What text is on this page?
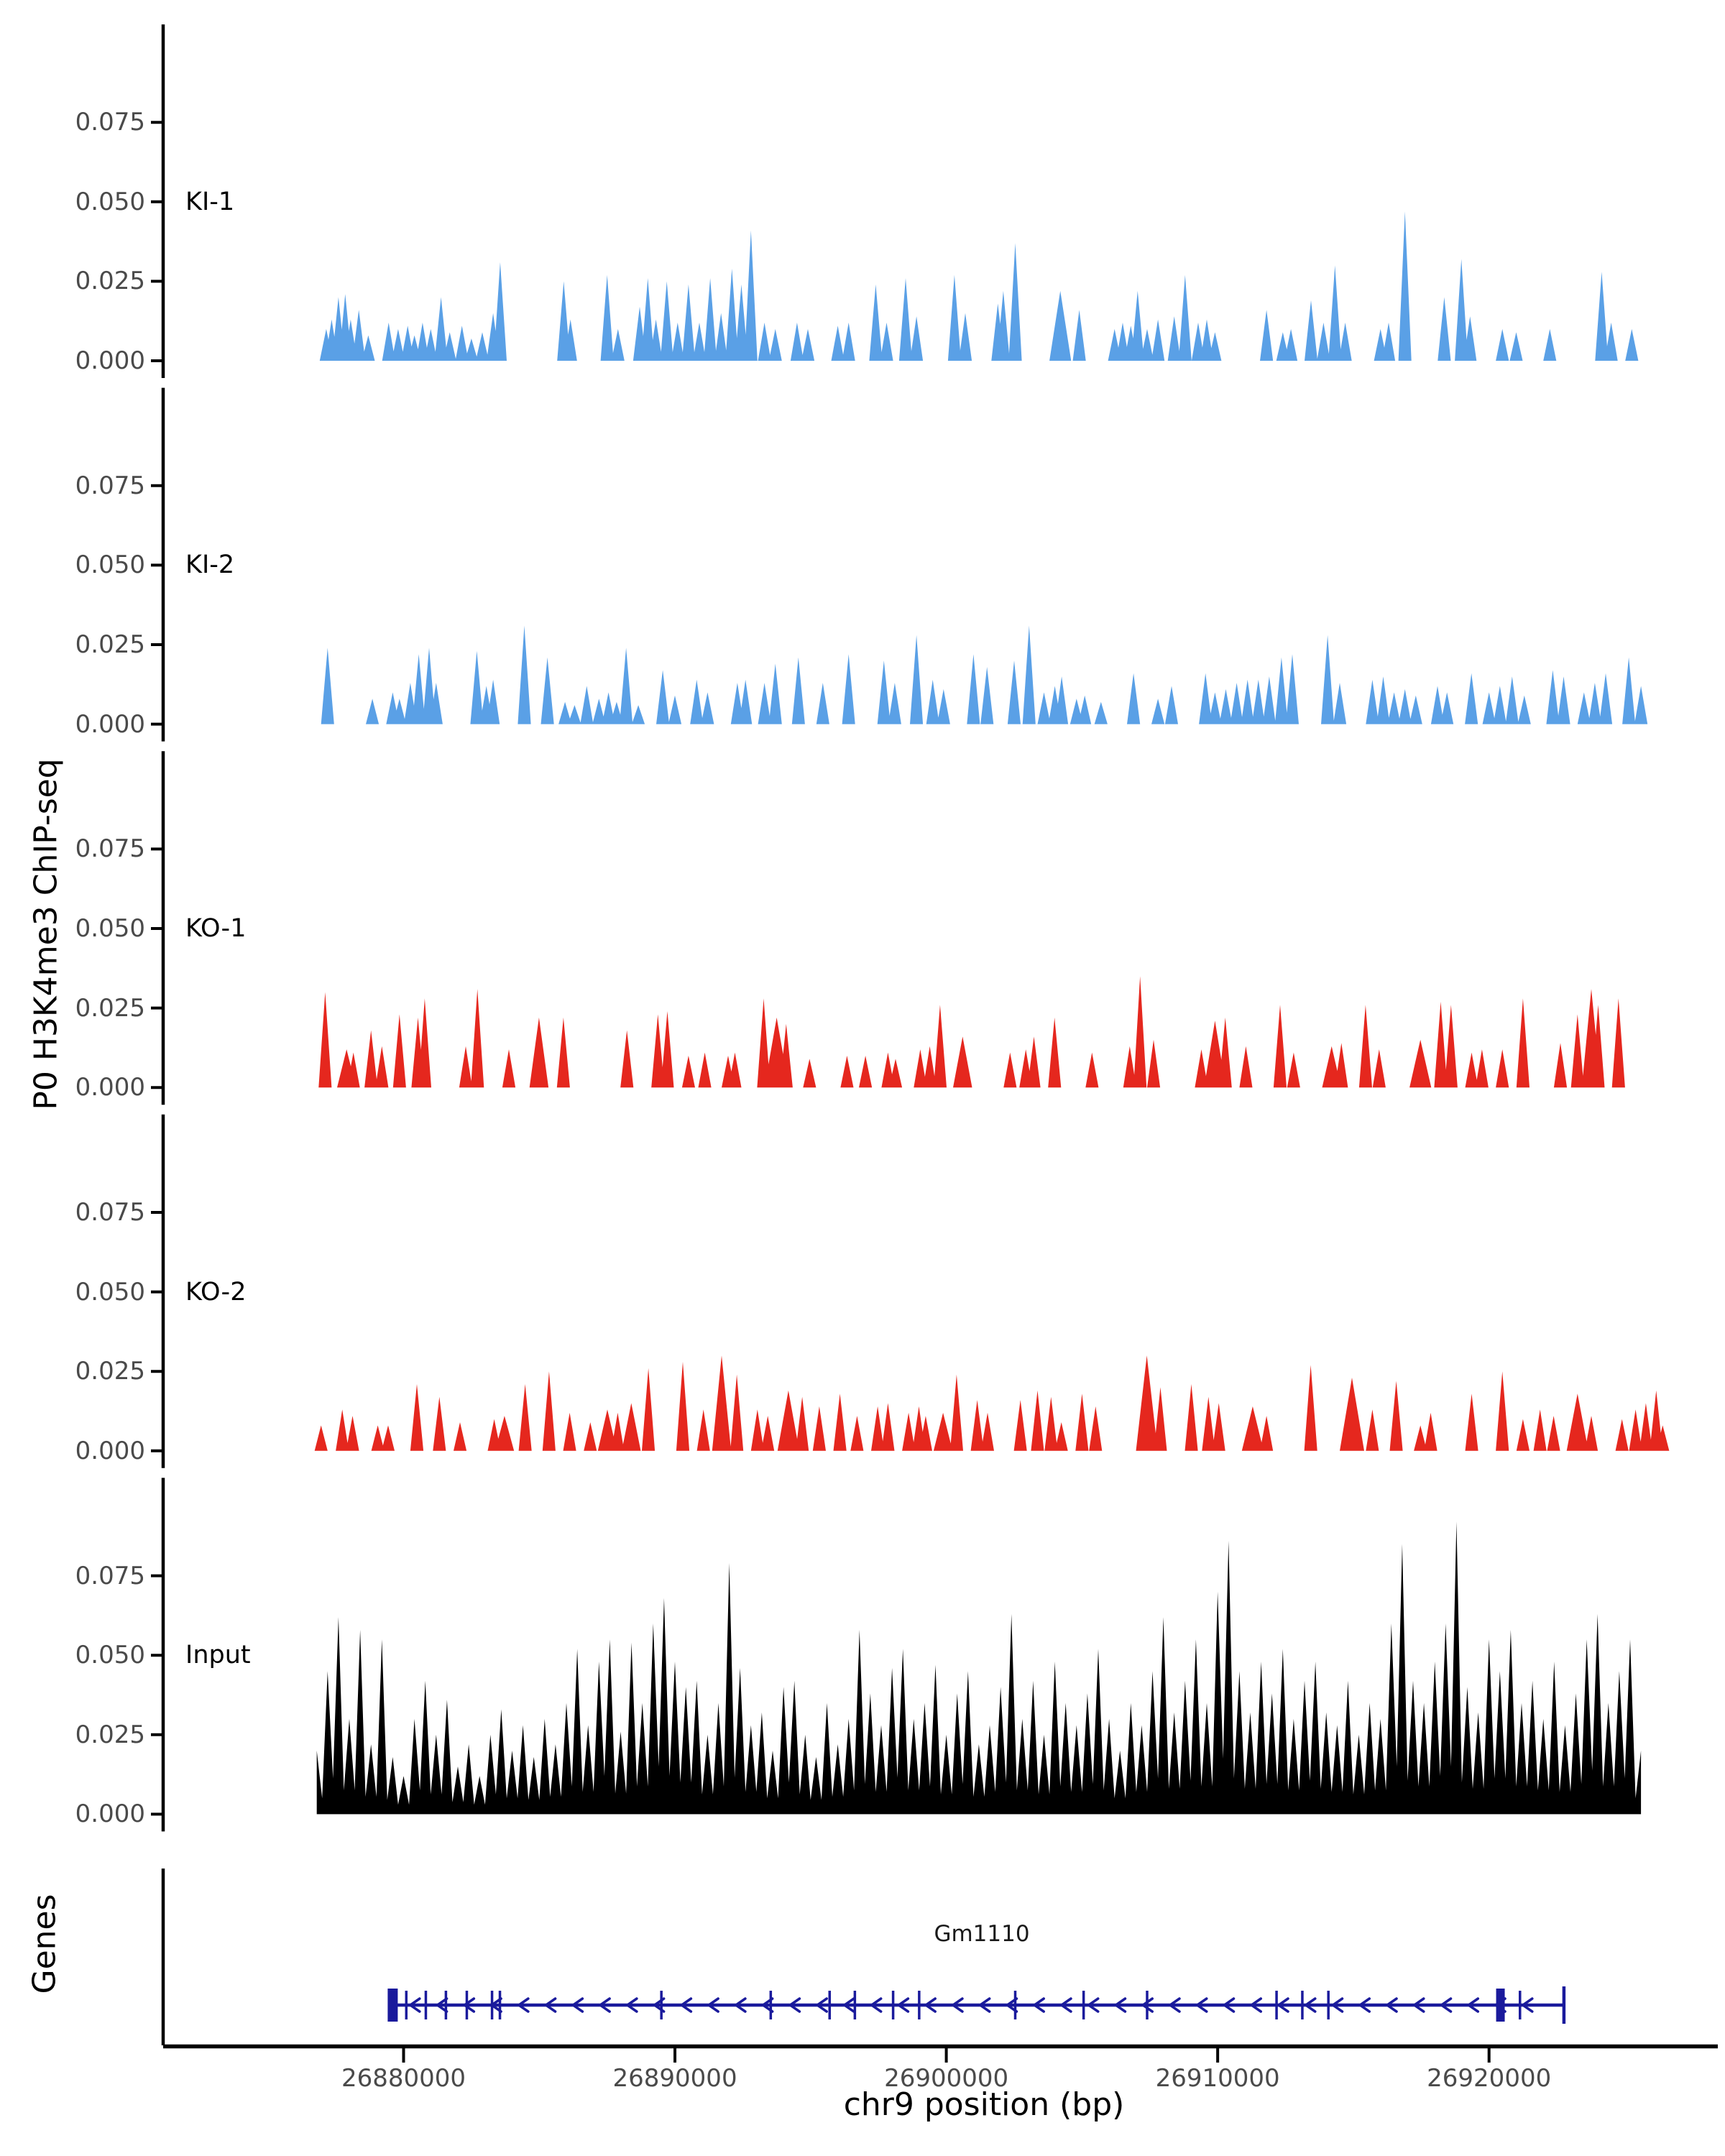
P0 H3K4me3 ChIP-seq
Genes
chr9 position (bp)
Gm1110
0.000
0.025
0.050
0.075
KI-1
0.000
0.025
0.050
0.075
KI-2
0.000
0.025
0.050
0.075
KO-1
0.000
0.025
0.050
0.075
KO-2
0.000
0.025
0.050
0.075
Input
26880000	26890000	26900000	26910000	26920000
